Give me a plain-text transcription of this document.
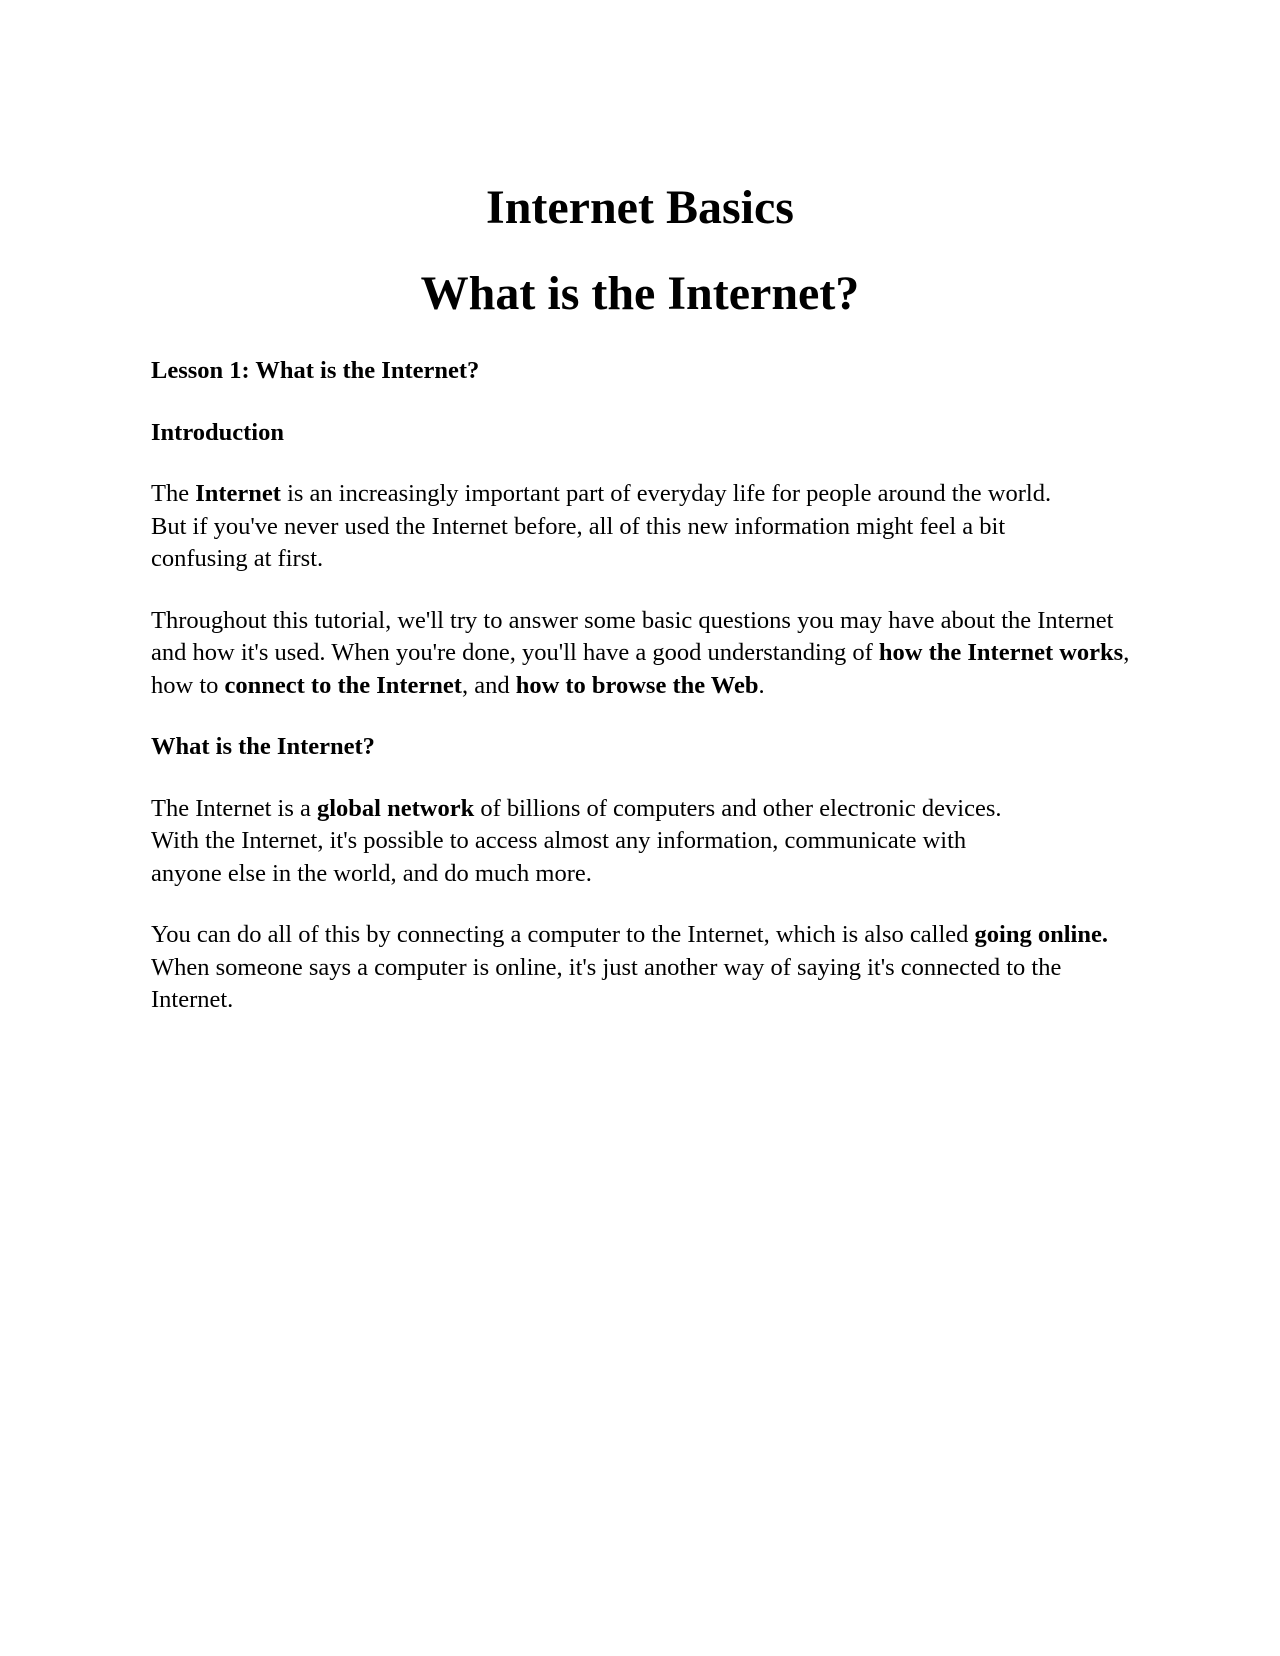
Internet Basics
What is the Internet?

Lesson 1: What is the Internet?

Introduction

The Internet is an increasingly important part of everyday life for people around the world. But if you've never used the Internet before, all of this new information might feel a bit confusing at first.

Throughout this tutorial, we'll try to answer some basic questions you may have about the Internet and how it's used. When you're done, you'll have a good understanding of how the Internet works, how to connect to the Internet, and how to browse the Web.

What is the Internet?

The Internet is a global network of billions of computers and other electronic devices. With the Internet, it's possible to access almost any information, communicate with anyone else in the world, and do much more.

You can do all of this by connecting a computer to the Internet, which is also called going online. When someone says a computer is online, it's just another way of saying it's connected to the Internet.
